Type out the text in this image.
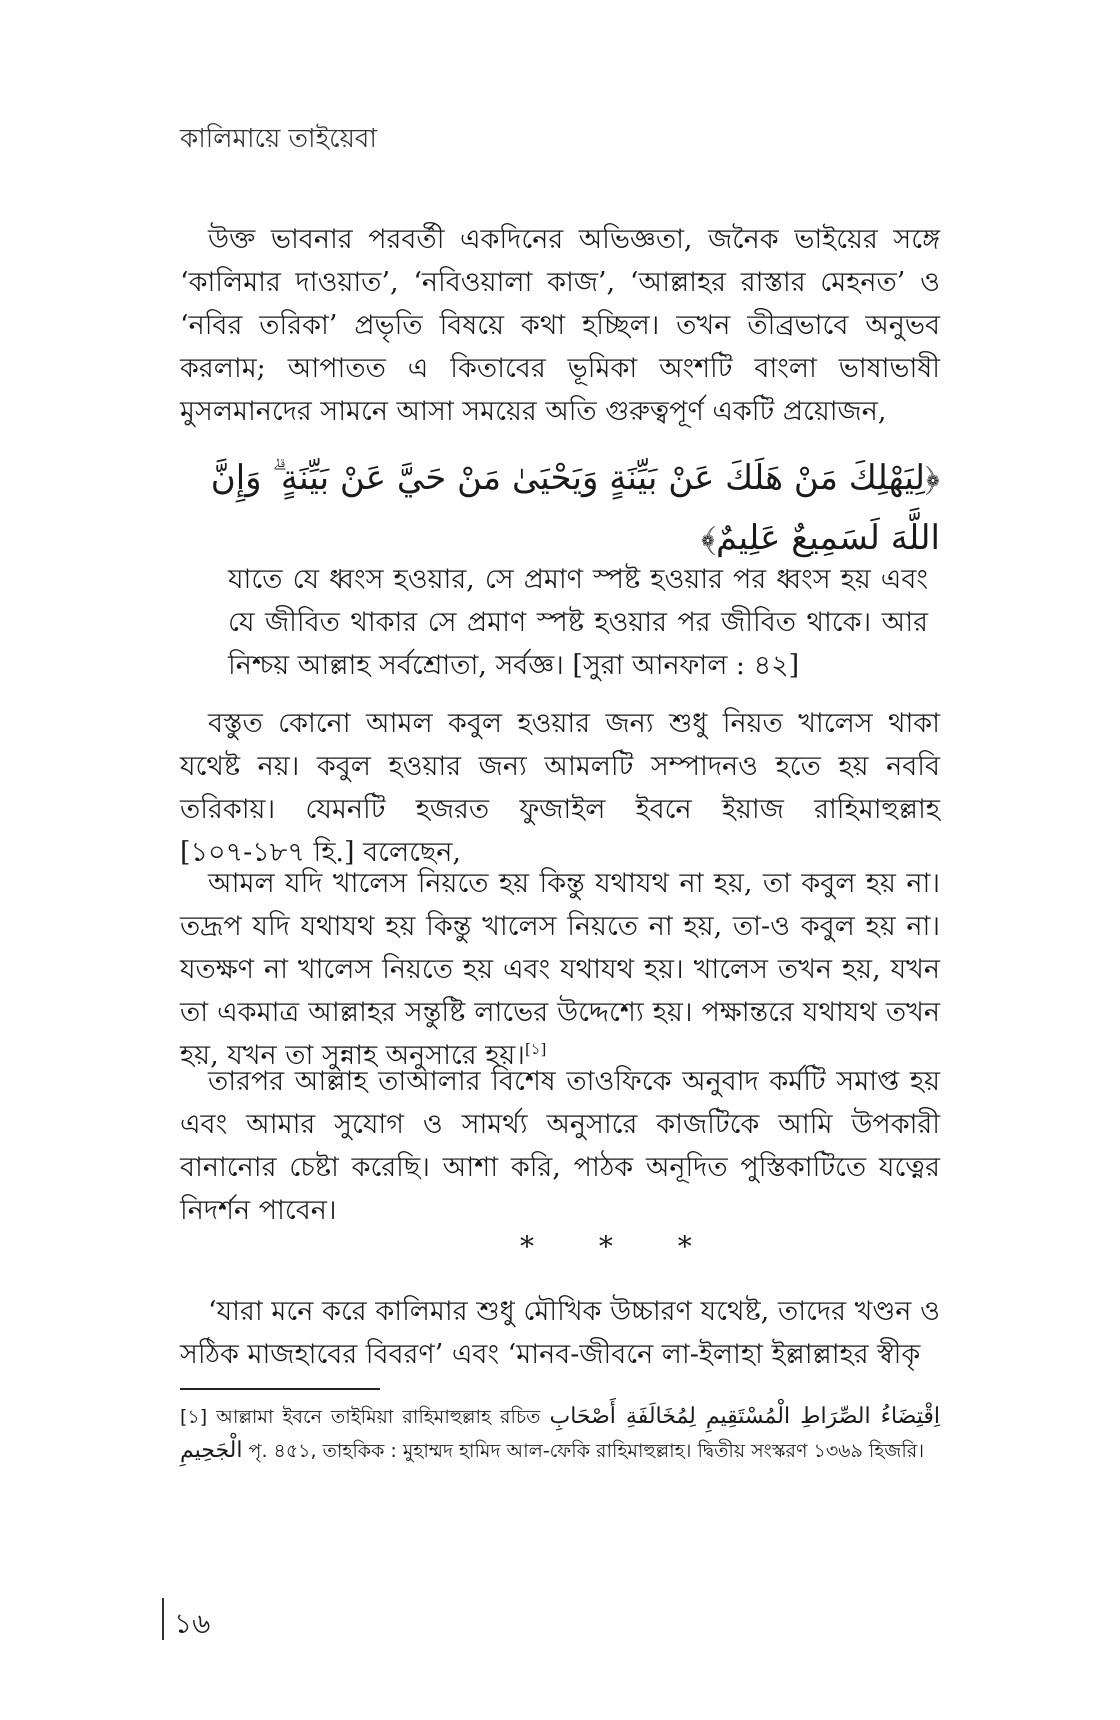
কালিমায়ে তাইয়েবা

উক্ত ভাবনার পরবর্তী একদিনের অভিজ্ঞতা, জনৈক ভাইয়ের সঙ্গে ‘কালিমার দাওয়াত’, ‘নবিওয়ালা কাজ’, ‘আল্লাহর রাস্তার মেহনত’ ও ‘নবির তরিকা’ প্রভৃতি বিষয়ে কথা হচ্ছিল। তখন তীব্রভাবে অনুভব করলাম; আপাতত এ কিতাবের ভূমিকা অংশটি বাংলা ভাষাভাষী মুসলমানদের সামনে আসা সময়ের অতি গুরুত্বপূর্ণ একটি প্রয়োজন,

﴿لِيَهْلِكَ مَنْ هَلَكَ عَنْ بَيِّنَةٍ وَيَحْيَىٰ مَنْ حَيَّ عَنْ بَيِّنَةٍ ۗ وَإِنَّ اللَّهَ لَسَمِيعٌ عَلِيمٌ﴾

যাতে যে ধ্বংস হওয়ার, সে প্রমাণ স্পষ্ট হওয়ার পর ধ্বংস হয় এবং যে জীবিত থাকার সে প্রমাণ স্পষ্ট হওয়ার পর জীবিত থাকে। আর নিশ্চয় আল্লাহ সর্বশ্রোতা, সর্বজ্ঞ। [সুরা আনফাল : ৪২]

বস্তুত কোনো আমল কবুল হওয়ার জন্য শুধু নিয়ত খালেস থাকা যথেষ্ট নয়। কবুল হওয়ার জন্য আমলটি সম্পাদনও হতে হয় নববি তরিকায়। যেমনটি হজরত ফুজাইল ইবনে ইয়াজ রাহিমাহুল্লাহ [১০৭-১৮৭ হি.] বলেছেন,

আমল যদি খালেস নিয়তে হয় কিন্তু যথাযথ না হয়, তা কবুল হয় না। তদ্রূপ যদি যথাযথ হয় কিন্তু খালেস নিয়তে না হয়, তা-ও কবুল হয় না। যতক্ষণ না খালেস নিয়তে হয় এবং যথাযথ হয়। খালেস তখন হয়, যখন তা একমাত্র আল্লাহর সন্তুষ্টি লাভের উদ্দেশ্যে হয়। পক্ষান্তরে যথাযথ তখন হয়, যখন তা সুন্নাহ অনুসারে হয়।[১]

তারপর আল্লাহ তাআলার বিশেষ তাওফিকে অনুবাদ কর্মটি সমাপ্ত হয় এবং আমার সুযোগ ও সামর্থ্য অনুসারে কাজটিকে আমি উপকারী বানানোর চেষ্টা করেছি। আশা করি, পাঠক অনূদিত পুস্তিকাটিতে যত্নের নিদর্শন পাবেন।

* * *

‘যারা মনে করে কালিমার শুধু মৌখিক উচ্চারণ যথেষ্ট, তাদের খণ্ডন ও সঠিক মাজহাবের বিবরণ’ এবং ‘মানব-জীবনে লা-ইলাহা ইল্লাল্লাহর স্বীকৃ

[১] আল্লামা ইবনে তাইমিয়া রাহিমাহুল্লাহ রচিত اِقْتِضَاءُ الصِّرَاطِ الْمُسْتَقِيمِ لِمُخَالَفَةِ أَصْحَابِ الْجَحِيمِ পৃ. ৪৫১, তাহকিক : মুহাম্মদ হামিদ আল-ফেকি রাহিমাহুল্লাহ। দ্বিতীয় সংস্করণ ১৩৬৯ হিজরি।

১৬
